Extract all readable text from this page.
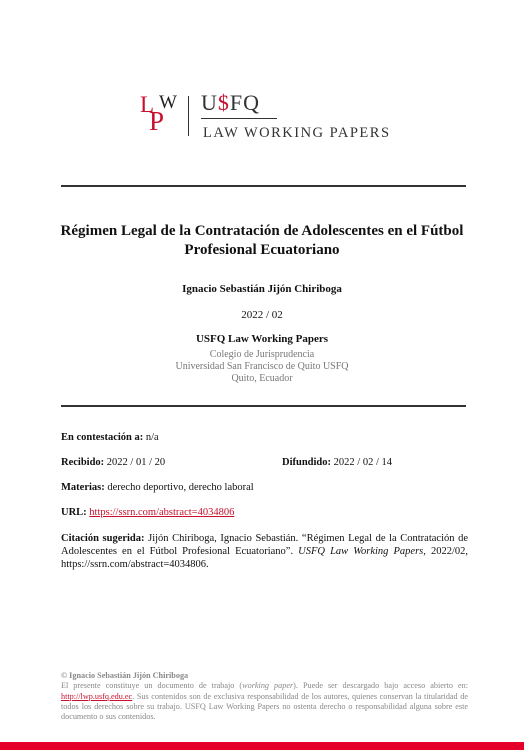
L W
P
U$FQ
LAW WORKING PAPERS
Régimen Legal de la Contratación de Adolescentes en el Fútbol Profesional Ecuatoriano
Ignacio Sebastián Jijón Chiriboga
2022 / 02
USFQ Law Working Papers
Colegio de Jurisprudencia
Universidad San Francisco de Quito USFQ
Quito, Ecuador
En contestación a: n/a
Recibido: 2022 / 01 / 20	Difundido: 2022 / 02 / 14
Materias: derecho deportivo, derecho laboral
URL: https://ssrn.com/abstract=4034806
Citación sugerida: Jijón Chiriboga, Ignacio Sebastián. “Régimen Legal de la Contratación de Adolescentes en el Fútbol Profesional Ecuatoriano”. USFQ Law Working Papers, 2022/02, https://ssrn.com/abstract=4034806.
© Ignacio Sebastián Jijón Chiriboga
El presente constituye un documento de trabajo (working paper). Puede ser descargado bajo acceso abierto en: http://lwp.usfq.edu.ec. Sus contenidos son de exclusiva responsabilidad de los autores, quienes conservan la titularidad de todos los derechos sobre su trabajo. USFQ Law Working Papers no ostenta derecho o responsabilidad alguna sobre este documento o sus contenidos.
